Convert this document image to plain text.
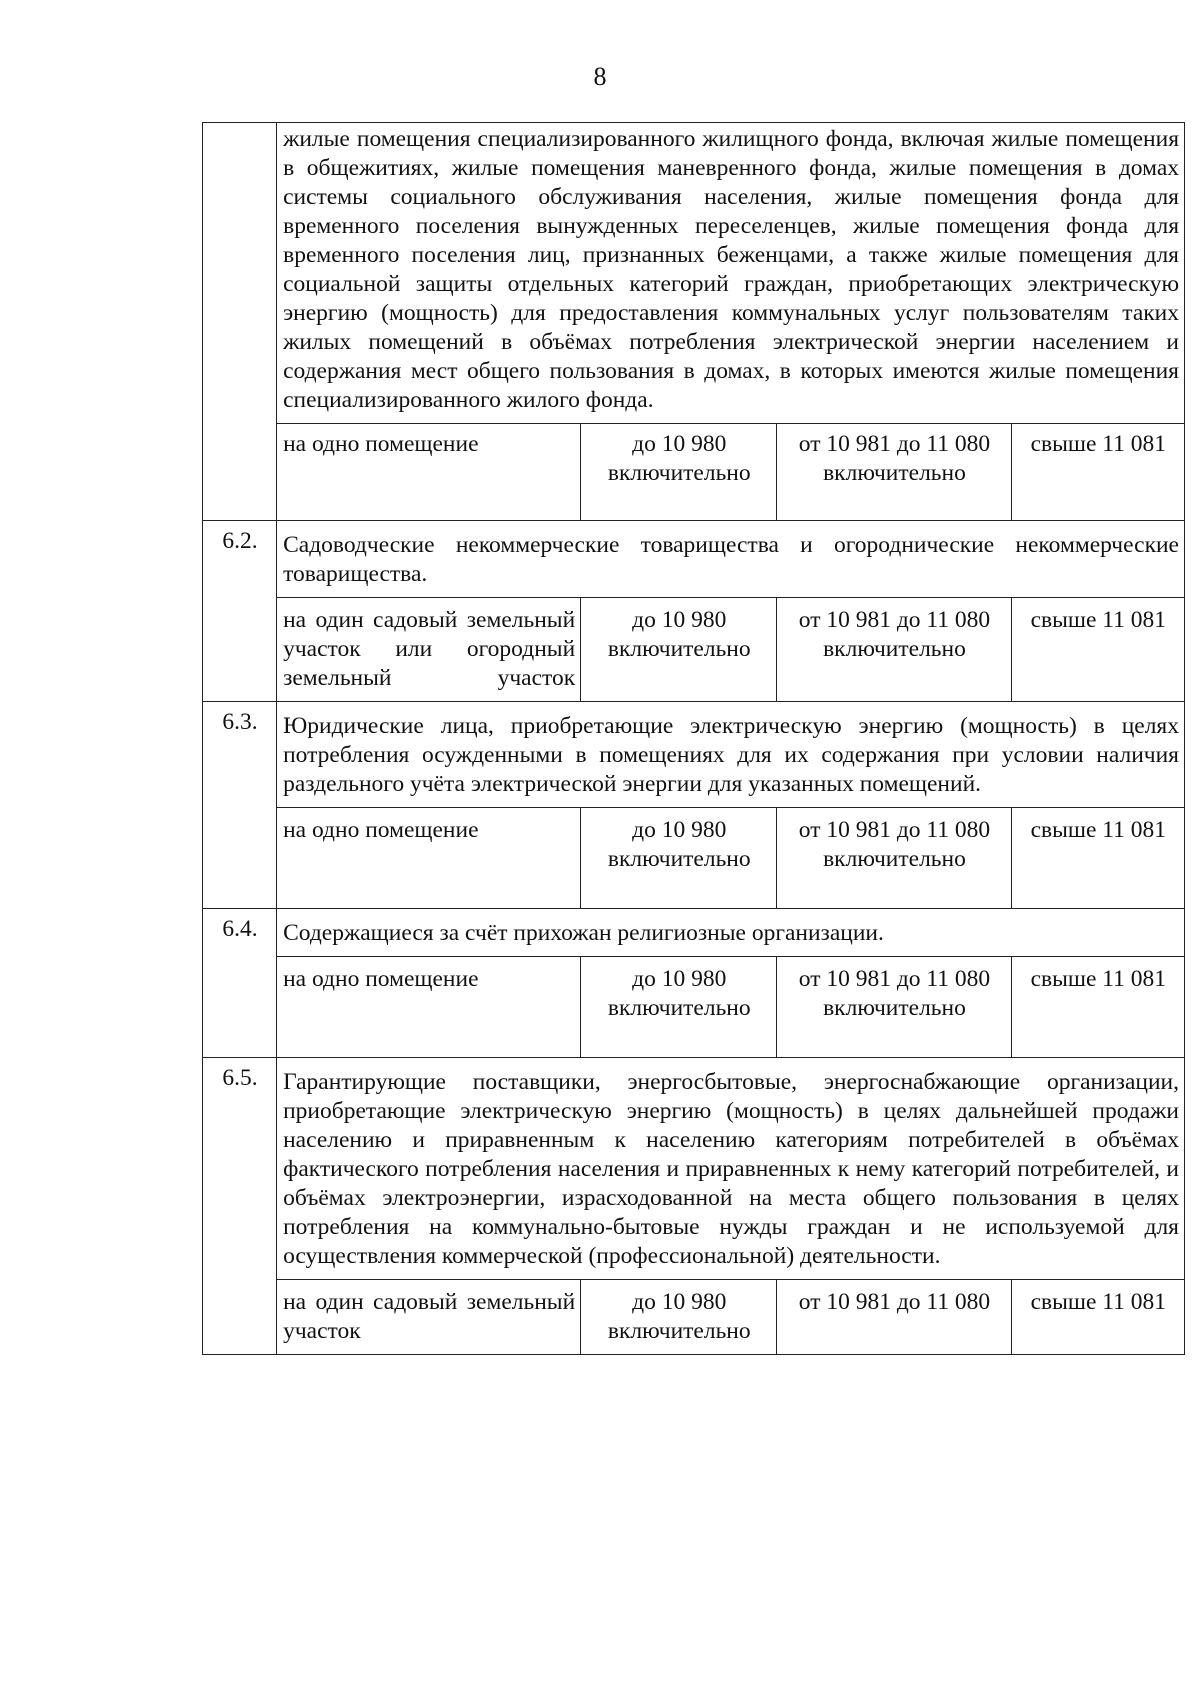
8
	жилые помещения специализированного жилищного фонда, включая жилые помещения в общежитиях, жилые помещения маневренного фонда, жилые помещения в домах системы социального обслуживания населения, жилые помещения фонда для временного поселения вынужденных переселенцев, жилые помещения фонда для временного поселения лиц, признанных беженцами, а также жилые помещения для социальной защиты отдельных категорий граждан, приобретающих электрическую энергию (мощность) для предоставления коммунальных услуг пользователям таких жилых помещений в объёмах потребления электрической энергии населением и содержания мест общего пользования в домах, в которых имеются жилые помещения специализированного жилого фонда.			
	на одно помещение	до 10 980 включительно	от 10 981 до 11 080 включительно	свыше 11 081
6.2.	Садоводческие некоммерческие товарищества и огороднические некоммерческие товарищества.			
	на один садовый земельный участок или огородный земельный участок	до 10 980 включительно	от 10 981 до 11 080 включительно	свыше 11 081
6.3.	Юридические лица, приобретающие электрическую энергию (мощность) в целях потребления осужденными в помещениях для их содержания при условии наличия раздельного учёта электрической энергии для указанных помещений.			
	на одно помещение	до 10 980 включительно	от 10 981 до 11 080 включительно	свыше 11 081
6.4.	Содержащиеся за счёт прихожан религиозные организации.			
	на одно помещение	до 10 980 включительно	от 10 981 до 11 080 включительно	свыше 11 081
6.5.	Гарантирующие поставщики, энергосбытовые, энергоснабжающие организации, приобретающие электрическую энергию (мощность) в целях дальнейшей продажи населению и приравненным к населению категориям потребителей в объёмах фактического потребления населения и приравненных к нему категорий потребителей, и объёмах электроэнергии, израсходованной на места общего пользования в целях потребления на коммунально-бытовые нужды граждан и не используемой для осуществления коммерческой (профессиональной) деятельности.			
	на один садовый земельный участок	до 10 980 включительно	от 10 981 до 11 080	свыше 11 081
